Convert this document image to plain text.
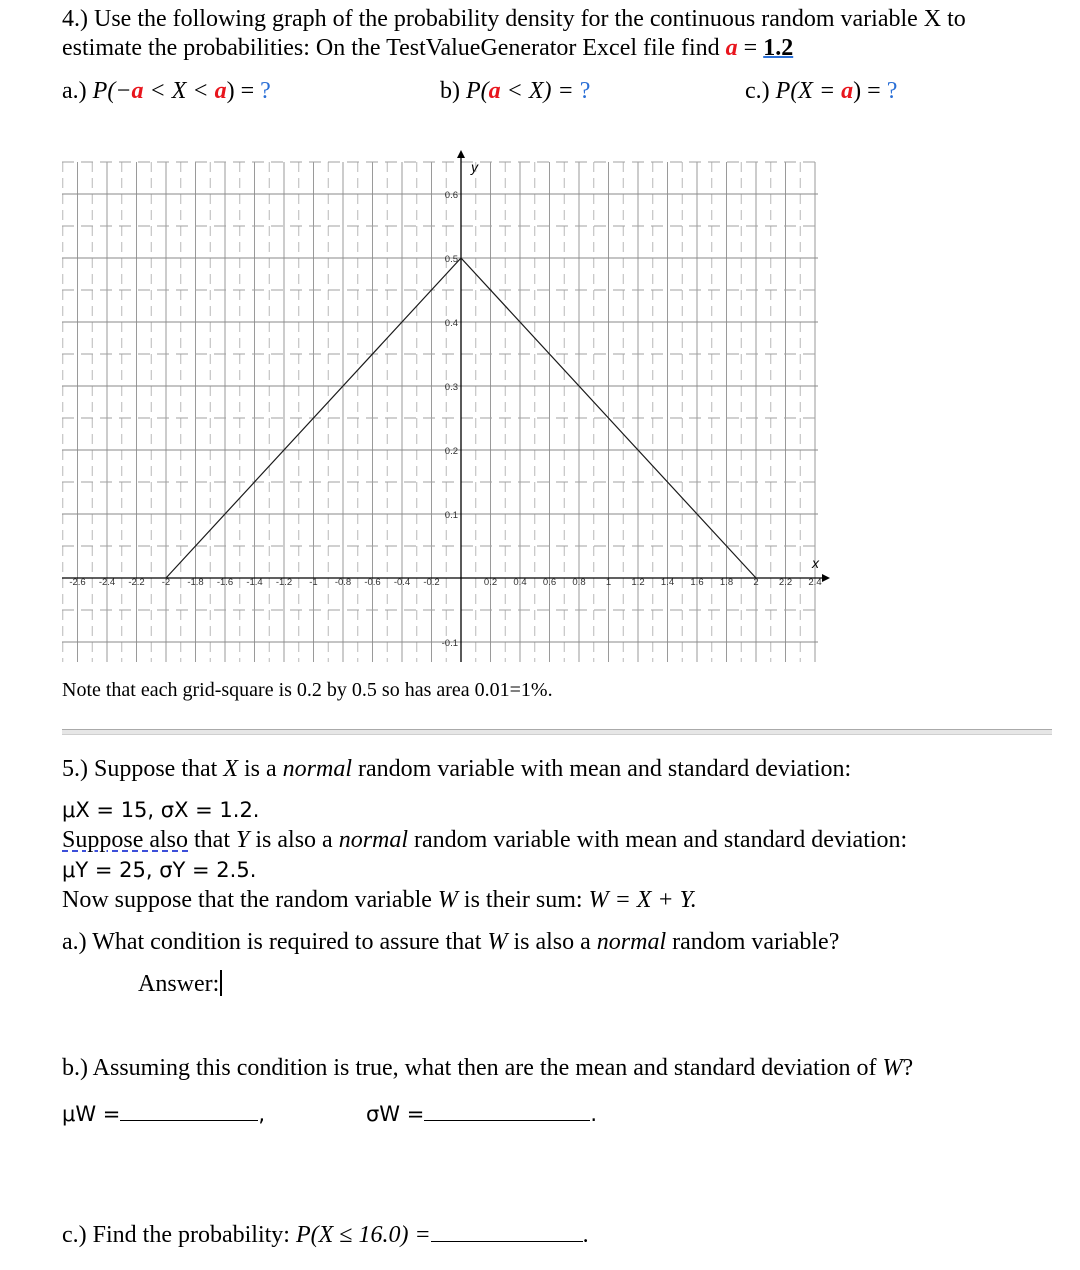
4.) Use the following graph of the probability density for the continuous random variable X to
estimate the probabilities: On the TestValueGenerator Excel file find a = 1.2
a.) P(−a < X < a) = ?	b) P(a < X) = ?	c.) P(X = a) = ?
-2.6 -2.4 -2.2 -2 -1.8 -1.6 -1.4 -1.2 -1 -0.8 -0.6 -0.4 -0.2	0.2 0.4 0.6 0.8 1 1.2 1.4 1.6 1.8 2 2.2 2.4
0.6
0.5
0.4
0.3
0.2
0.1
-0.1
x
y
Note that each grid-square is 0.2 by 0.5 so has area 0.01=1%.
5.) Suppose that X is a normal random variable with mean and standard deviation:
μX = 15, σX = 1.2.
Suppose also that Y is also a normal random variable with mean and standard deviation:
μY = 25, σY = 2.5.
Now suppose that the random variable W is their sum: W = X + Y.
a.) What condition is required to assure that W is also a normal random variable?
Answer:
b.) Assuming this condition is true, what then are the mean and standard deviation of W?
μW =	,	σW =	.
c.) Find the probability: P(X ≤ 16.0) =	.
